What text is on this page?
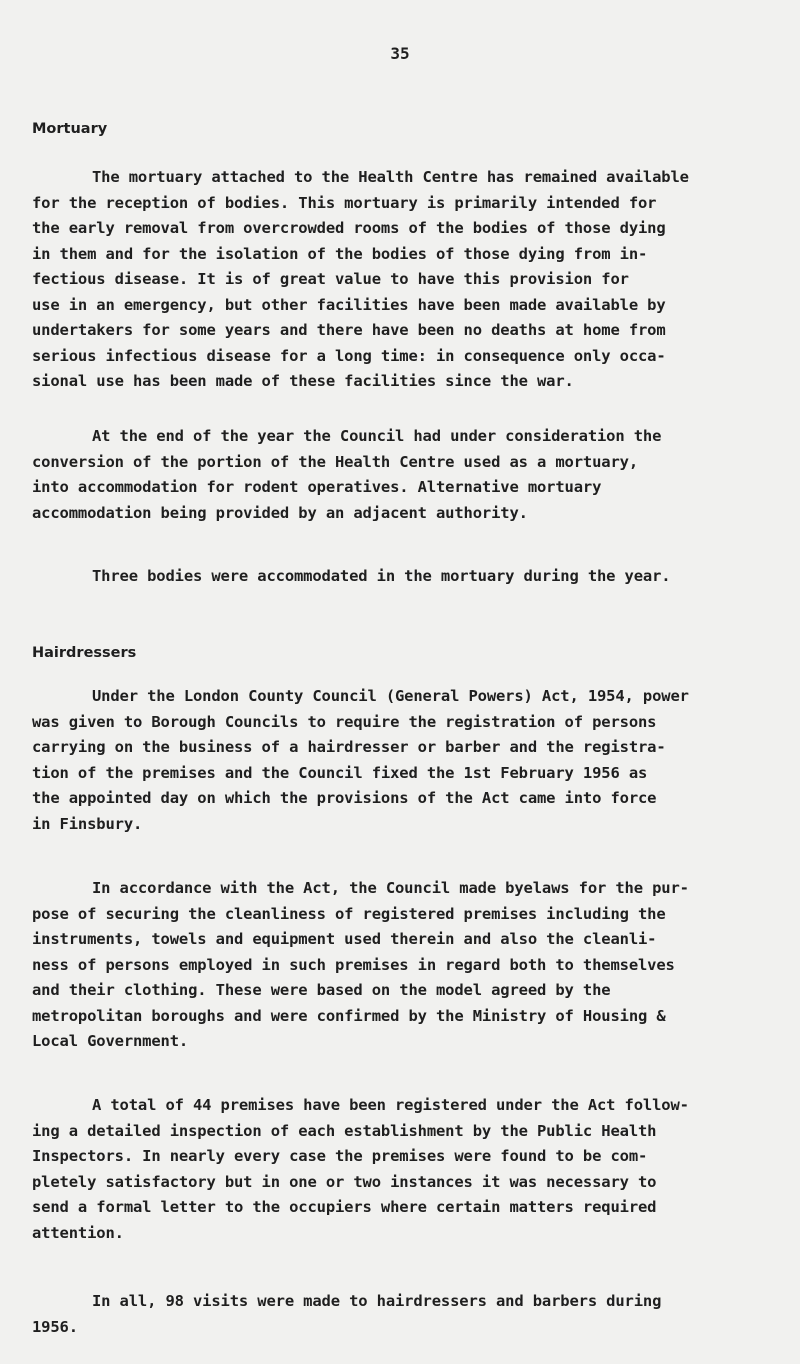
35
Mortuary
The mortuary attached to the Health Centre has remained available
for the reception of bodies. This mortuary is primarily intended for
the early removal from overcrowded rooms of the bodies of those dying
in them and for the isolation of the bodies of those dying from in-
fectious disease. It is of great value to have this provision for
use in an emergency, but other facilities have been made available by
undertakers for some years and there have been no deaths at home from
serious infectious disease for a long time: in consequence only occa-
sional use has been made of these facilities since the war.
At the end of the year the Council had under consideration the
conversion of the portion of the Health Centre used as a mortuary,
into accommodation for rodent operatives. Alternative mortuary
accommodation being provided by an adjacent authority.
Three bodies were accommodated in the mortuary during the year.
Hairdressers
Under the London County Council (General Powers) Act, 1954, power
was given to Borough Councils to require the registration of persons
carrying on the business of a hairdresser or barber and the registra-
tion of the premises and the Council fixed the 1st February 1956 as
the appointed day on which the provisions of the Act came into force
in Finsbury.
In accordance with the Act, the Council made byelaws for the pur-
pose of securing the cleanliness of registered premises including the
instruments, towels and equipment used therein and also the cleanli-
ness of persons employed in such premises in regard both to themselves
and their clothing. These were based on the model agreed by the
metropolitan boroughs and were confirmed by the Ministry of Housing &
Local Government.
A total of 44 premises have been registered under the Act follow-
ing a detailed inspection of each establishment by the Public Health
Inspectors. In nearly every case the premises were found to be com-
pletely satisfactory but in one or two instances it was necessary to
send a formal letter to the occupiers where certain matters required
attention.
In all, 98 visits were made to hairdressers and barbers during
1956.
